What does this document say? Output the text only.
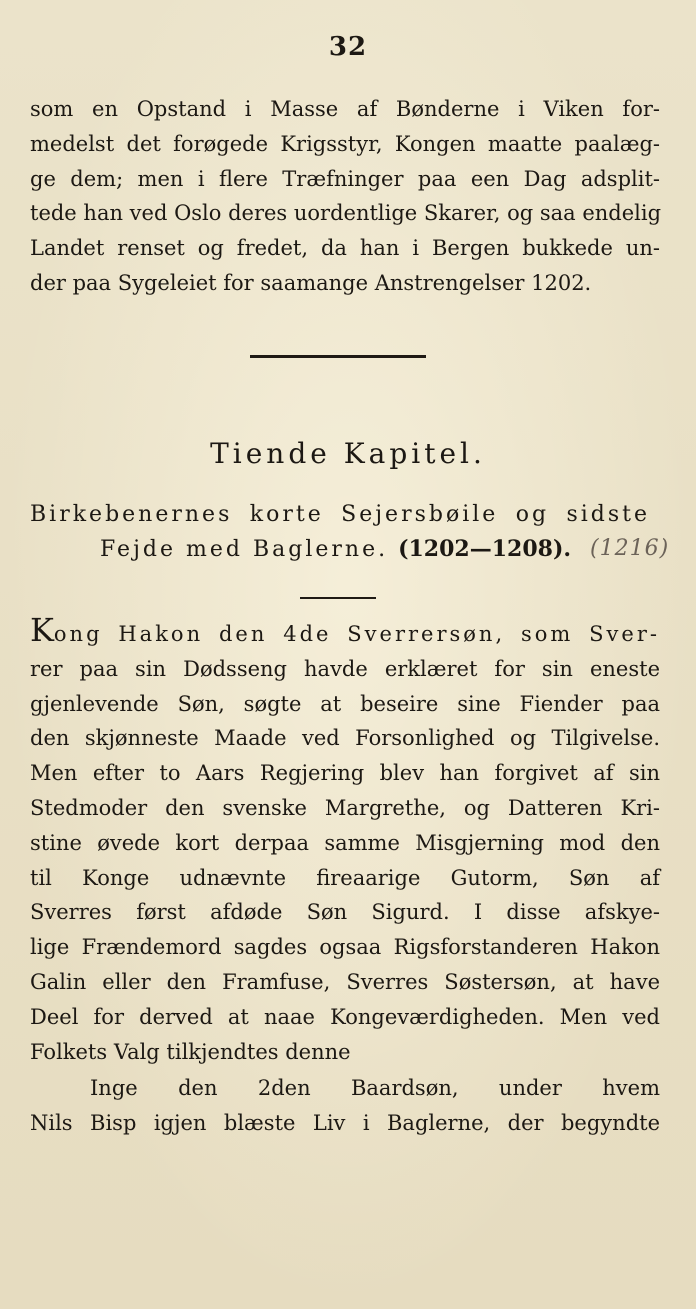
32
som en Opstand i Masse af Bønderne i Viken for-
medelst det forøgede Krigsstyr, Kongen maatte paalæg-
ge dem; men i flere Træfninger paa een Dag adsplit-
tede han ved Oslo deres uordentlige Skarer, og saa endelig
Landet renset og fredet, da han i Bergen bukkede un-
der paa Sygeleiet for saamange Anstrengelser 1202.
Tiende Kapitel.
Birkebenernes korte Sejersbøile og sidste
Fejde med Baglerne. (1202—1208). (1216)
Kong Hakon den 4de Sverrersøn, som Sver-
rer paa sin Dødsseng havde erklæret for sin eneste
gjenlevende Søn, søgte at beseire sine Fiender paa
den skjønneste Maade ved Forsonlighed og Tilgivelse.
Men efter to Aars Regjering blev han forgivet af sin
Stedmoder den svenske Margrethe, og Datteren Kri-
stine øvede kort derpaa samme Misgjerning mod den
til Konge udnævnte fireaarige Gutorm, Søn af
Sverres først afdøde Søn Sigurd. I disse afskye-
lige Frændemord sagdes ogsaa Rigsforstanderen Hakon
Galin eller den Framfuse, Sverres Søstersøn, at have
Deel for derved at naae Kongeværdigheden. Men ved
Folkets Valg tilkjendtes denne
Inge den 2den Baardsøn, under hvem
Nils Bisp igjen blæste Liv i Baglerne, der begyndte
